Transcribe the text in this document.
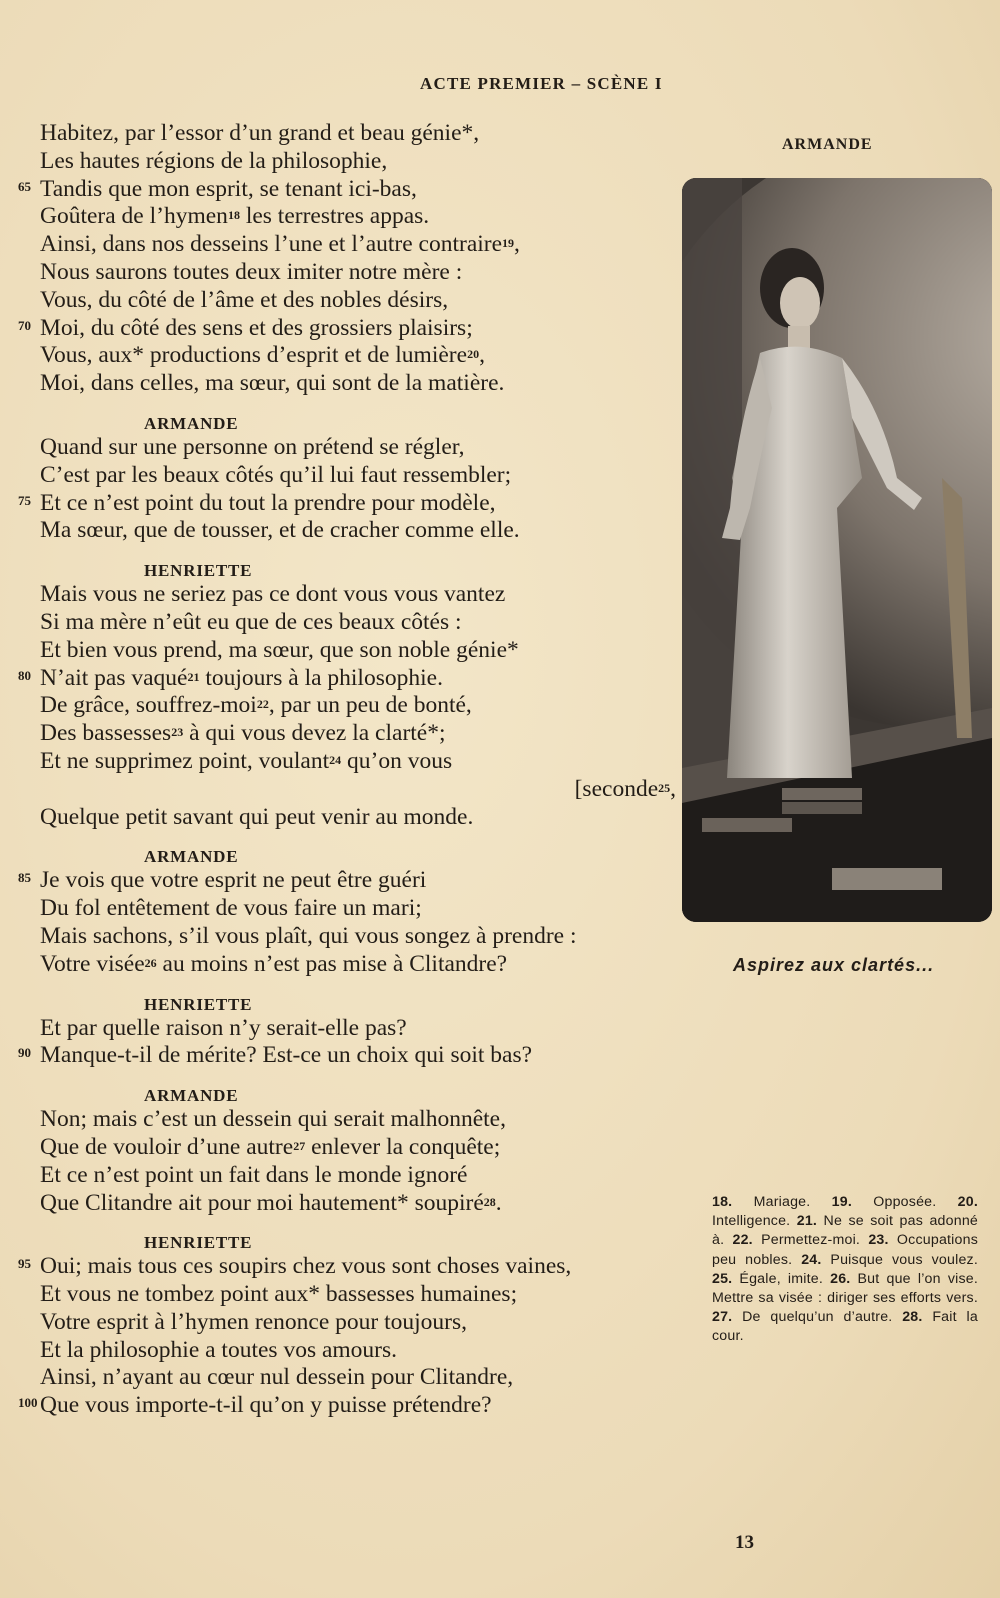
ACTE PREMIER – SCÈNE I
Habitez, par l’essor d’un grand et beau génie*,
Les hautes régions de la philosophie,
65 Tandis que mon esprit, se tenant ici-bas,
Goûtera de l’hymen$^{18}$ les terrestres appas.
Ainsi, dans nos desseins l’une et l’autre contraire$^{19}$,
Nous saurons toutes deux imiter notre mère :
Vous, du côté de l’âme et des nobles désirs,
70 Moi, du côté des sens et des grossiers plaisirs;
Vous, aux* productions d’esprit et de lumière$^{20}$,
Moi, dans celles, ma sœur, qui sont de la matière.
ARMANDE
Quand sur une personne on prétend se régler,
C’est par les beaux côtés qu’il lui faut ressembler;
75 Et ce n’est point du tout la prendre pour modèle,
Ma sœur, que de tousser, et de cracher comme elle.
HENRIETTE
Mais vous ne seriez pas ce dont vous vous vantez
Si ma mère n’eût eu que de ces beaux côtés :
Et bien vous prend, ma sœur, que son noble génie*
80 N’ait pas vaqué$^{21}$ toujours à la philosophie.
De grâce, souffrez-moi$^{22}$, par un peu de bonté,
Des bassesses$^{23}$ à qui vous devez la clarté*;
Et ne supprimez point, voulant$^{24}$ qu’on vous
[seconde$^{25}$,
Quelque petit savant qui peut venir au monde.
ARMANDE
85 Je vois que votre esprit ne peut être guéri
Du fol entêtement de vous faire un mari;
Mais sachons, s’il vous plaît, qui vous songez à prendre :
Votre visée$^{26}$ au moins n’est pas mise à Clitandre?
HENRIETTE
Et par quelle raison n’y serait-elle pas?
90 Manque-t-il de mérite? Est-ce un choix qui soit bas?
ARMANDE
Non; mais c’est un dessein qui serait malhonnête,
Que de vouloir d’une autre$^{27}$ enlever la conquête;
Et ce n’est point un fait dans le monde ignoré
Que Clitandre ait pour moi hautement* soupiré$^{28}$.
HENRIETTE
95 Oui; mais tous ces soupirs chez vous sont choses vaines,
Et vous ne tombez point aux* bassesses humaines;
Votre esprit à l’hymen renonce pour toujours,
Et la philosophie a toutes vos amours.
Ainsi, n’ayant au cœur nul dessein pour Clitandre,
100 Que vous importe-t-il qu’on y puisse prétendre?
ARMANDE
Aspirez aux clartés...
18. Mariage. 19. Opposée. 20. Intelligence. 21. Ne se soit pas adonné à. 22. Permettez-moi. 23. Occupations peu nobles. 24. Puisque vous voulez. 25. Égale, imite. 26. But que l’on vise. Mettre sa visée : diriger ses efforts vers. 27. De quelqu’un d’autre. 28. Fait la cour.
13
